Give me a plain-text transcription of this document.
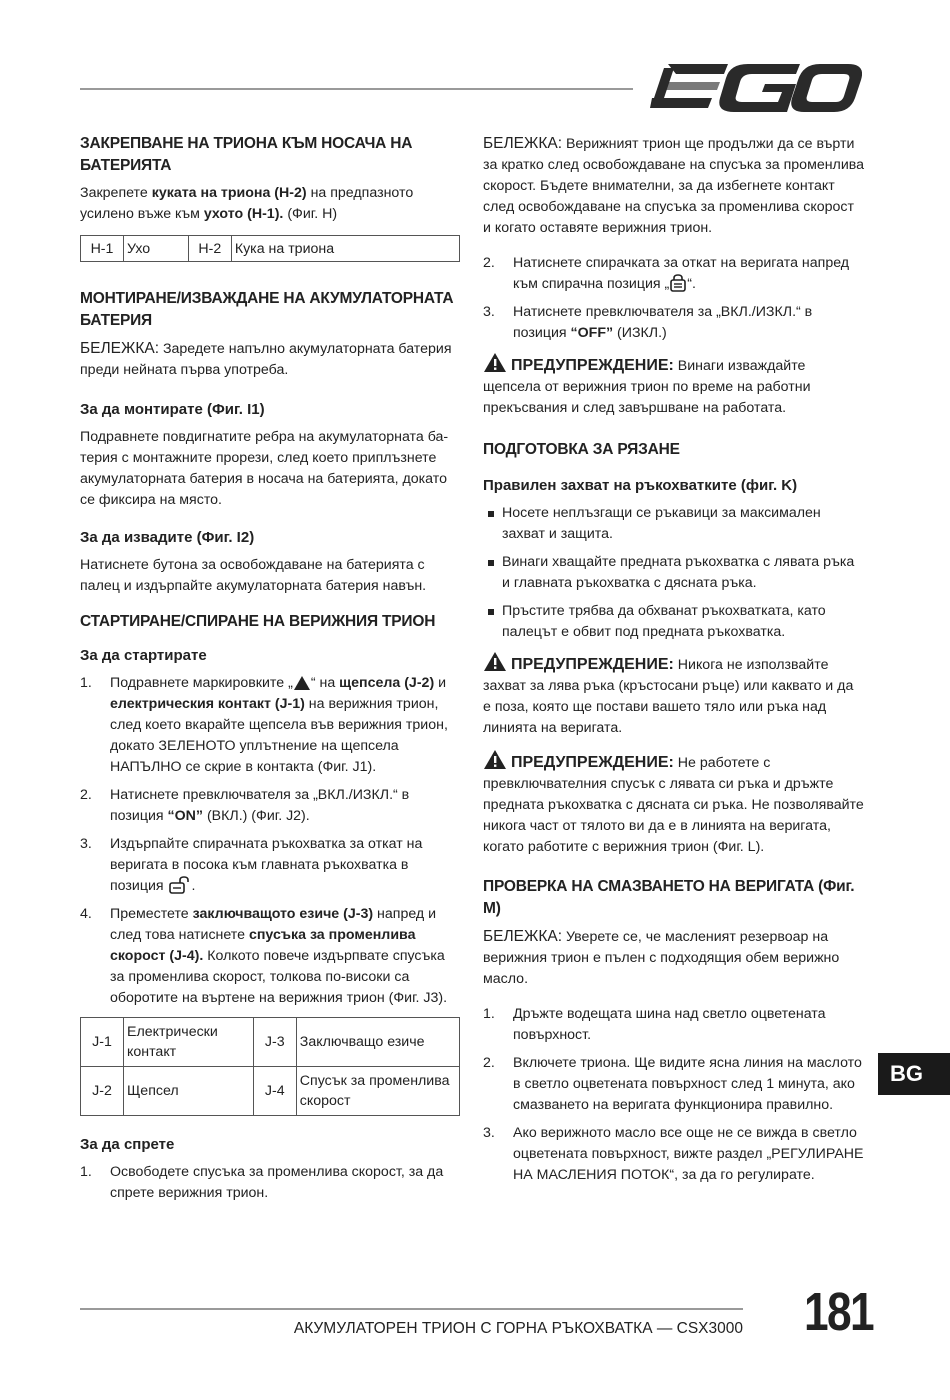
ЗАКРЕПВАНЕ НА ТРИОНА КЪМ НОСАЧА НА БАТЕРИЯТА

Закрепете куката на триона (H-2) на предпазното усилено въже към ухото (H-1). (Фиг. H)

H-1	Ухо	H-2	Кука на триона
МОНТИРАНЕ/ИЗВАЖДАНЕ НА АКУМУЛАТОРНАТА БАТЕРИЯ

БЕЛЕЖКА: Заредете напълно акумулаторната батерия преди нейната първа употреба.

За да монтирате (Фиг. I1)

Подравнете повдигнатите ребра на акумулаторната ба-терия с монтажните прорези, след което приплъзнете акумулаторната батерия в носача на батерията, докато се фиксира на място.

За да извадите (Фиг. I2)

Натиснете бутона за освобождаване на батерията с палец и издърпайте акумулаторната батерия навън.

СТАРТИРАНЕ/СПИРАНЕ НА ВЕРИЖНИЯ ТРИОН
За да стартирате
1. Подравнете маркировките „ “ на щепсела (J-2) и електрическия контакт (J-1) на верижния трион, след което вкарайте щепсела във верижния трион, докато ЗЕЛЕНОТО уплътнение на щепсела НАПЪЛНО се скрие в контакта (Фиг. J1).
2. Натиснете превключвателя за „ВКЛ./ИЗКЛ.“ в позиция “ON” (ВКЛ.) (Фиг. J2).
3. Издърпайте спирачната ръкохватка за откат на веригата в посока към главната ръкохватка в позиция .
4. Преместете заключващото езиче (J-3) напред и след това натиснете спусъка за променлива скорост (J-4). Колкото повече издърпвате спусъка за променлива скорост, толкова по-високи са оборотите на въртене на верижния трион (Фиг. J3).
J-1	Електрически контакт	J-3	Заключващо езиче
J-2	Щепсел	J-4	Спусък за променлива скорост
За да спрете
1. Освободете спусъка за променлива скорост, за да спрете верижния трион.

БЕЛЕЖКА: Верижният трион ще продължи да се върти за кратко след освобождаване на спусъка за променлива скорост. Бъдете внимателни, за да избегнете контакт след освобождаване на спусъка за променлива скорост и когато оставяте верижния трион.

2. Натиснете спирачката за откат на веригата напред към спирачна позиция „ “.
3. Натиснете превключвателя за „ВКЛ./ИЗКЛ.“ в позиция “OFF” (ИЗКЛ.)

ПРЕДУПРЕЖДЕНИЕ: Винаги изваждайте щепсела от верижния трион по време на работни прекъсвания и след завършване на работата.

ПОДГОТОВКА ЗА РЯЗАНЕ
Правилен захват на ръкохватките (фиг. K)
Носете неплъзгащи се ръкавици за максимален захват и защита.
Винаги хващайте предната ръкохватка с лявата ръка и главната ръкохватка с дясната ръка.
Пръстите трябва да обхванат ръкохватката, като палецът е обвит под предната ръкохватка.

ПРЕДУПРЕЖДЕНИЕ: Никога не използвайте захват за лява ръка (кръстосани ръце) или каквато и да е поза, която ще постави вашето тяло или ръка над линията на веригата.

ПРЕДУПРЕЖДЕНИЕ: Не работете с превключвателния спусък с лявата си ръка и дръжте предната ръкохватка с дясната си ръка. Не позволявайте никога част от тялото ви да е в линията на веригата, когато работите с верижния трион (Фиг. L).

ПРОВЕРКА НА СМАЗВАНЕТО НА ВЕРИГАТА (Фиг. M)

БЕЛЕЖКА: Уверете се, че масленият резервоар на верижния трион е пълен с подходящия обем верижно масло.

1. Дръжте водещата шина над светло оцветената повърхност.
2. Включете триона. Ще видите ясна линия на маслото в светло оцветената повърхност след 1 минута, ако смазването на веригата функционира правилно.
3. Ако верижното масло все още не се вижда в светло оцветената повърхност, вижте раздел „РЕГУЛИРАНЕ НА МАСЛЕНИЯ ПОТОК“, за да го регулирате.
BG
АКУМУЛАТОРЕН ТРИОН С ГОРНА РЪКОХВАТКА — CSX3000 181
